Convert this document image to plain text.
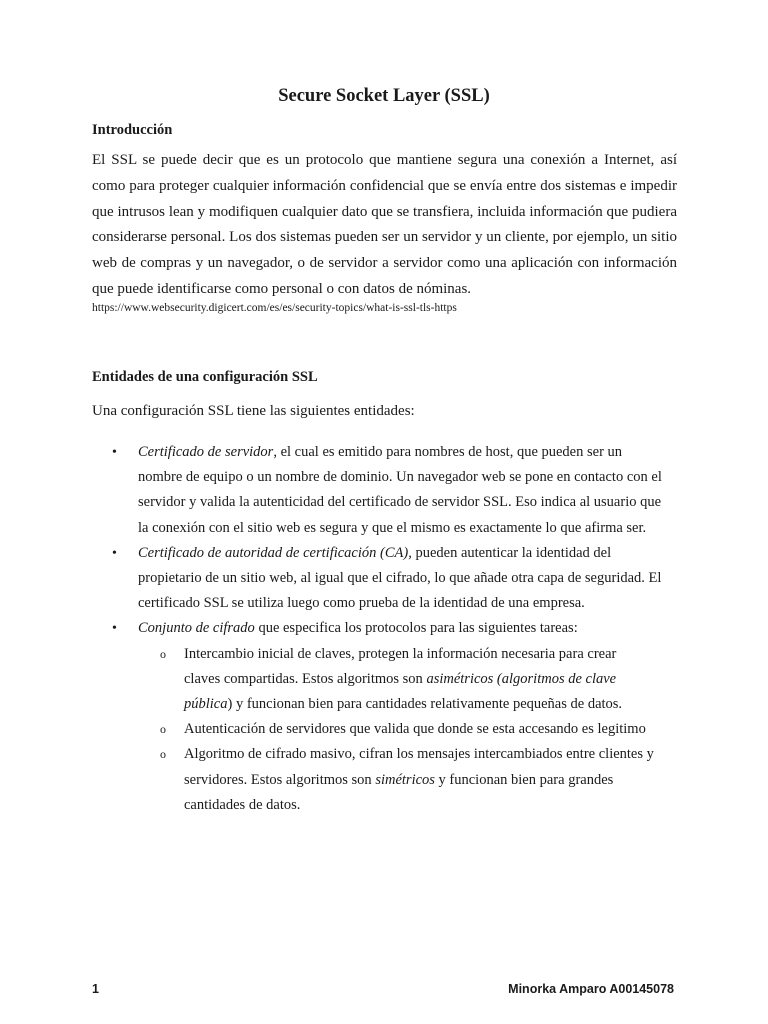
Secure Socket Layer (SSL)
Introducción

El SSL se puede decir que es un protocolo que mantiene segura una conexión a Internet, así como para proteger cualquier información confidencial que se envía entre dos sistemas e impedir que intrusos lean y modifiquen cualquier dato que se transfiera, incluida información que pudiera considerarse personal. Los dos sistemas pueden ser un servidor y un cliente, por ejemplo, un sitio web de compras y un navegador, o de servidor a servidor como una aplicación con información que puede identificarse como personal o con datos de nóminas.

https://www.websecurity.digicert.com/es/es/security-topics/what-is-ssl-tls-https
Entidades de una configuración SSL
Una configuración SSL tiene las siguientes entidades:
• Certificado de servidor, el cual es emitido para nombres de host, que pueden ser un nombre de equipo o un nombre de dominio. Un navegador web se pone en contacto con el servidor y valida la autenticidad del certificado de servidor SSL. Eso indica al usuario que la conexión con el sitio web es segura y que el mismo es exactamente lo que afirma ser.
• Certificado de autoridad de certificación (CA), pueden autenticar la identidad del propietario de un sitio web, al igual que el cifrado, lo que añade otra capa de seguridad. El certificado SSL se utiliza luego como prueba de la identidad de una empresa.
• Conjunto de cifrado que especifica los protocolos para las siguientes tareas:
o Intercambio inicial de claves, protegen la información necesaria para crear claves compartidas. Estos algoritmos son asimétricos (algoritmos de clave pública) y funcionan bien para cantidades relativamente pequeñas de datos.
o Autenticación de servidores que valida que donde se esta accesando es legitimo
o Algoritmo de cifrado masivo, cifran los mensajes intercambiados entre clientes y servidores. Estos algoritmos son simétricos y funcionan bien para grandes cantidades de datos.
1	Minorka Amparo A00145078
